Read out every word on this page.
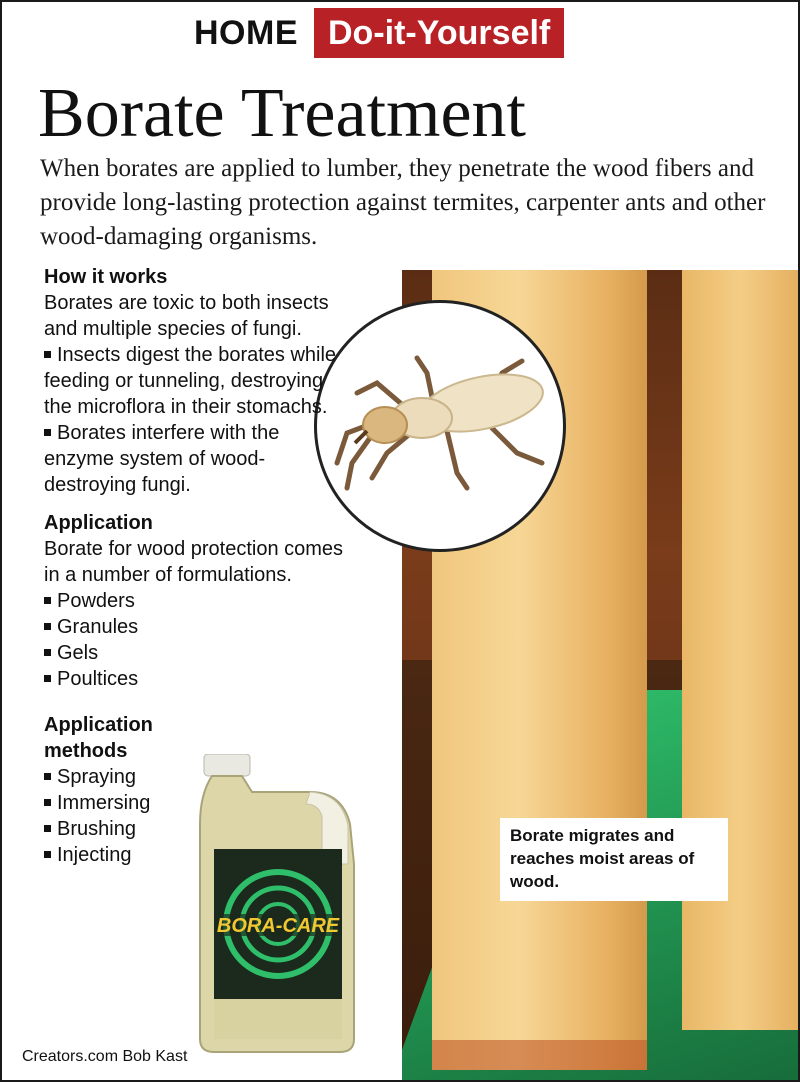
HOME Do-it-Yourself
Borate Treatment

When borates are applied to lumber, they penetrate the wood fibers and provide long-lasting protection against termites, carpenter ants and other wood-damaging organisms.

Borate migrates and reaches moist areas of wood.

How it works

Borates are toxic to both insects and multiple species of fungi.

Insects digest the borates while feeding or tunneling, destroying the microflora in their stomachs.

Borates interfere with the enzyme system of wood-destroying fungi.

Application

Borate for wood protection comes in a number of formulations.

Powders

Granules

Gels

Poultices

Application

methods

Spraying

Immersing

Brushing

Injecting

BORA-CARE
Creators.com Bob Kast
